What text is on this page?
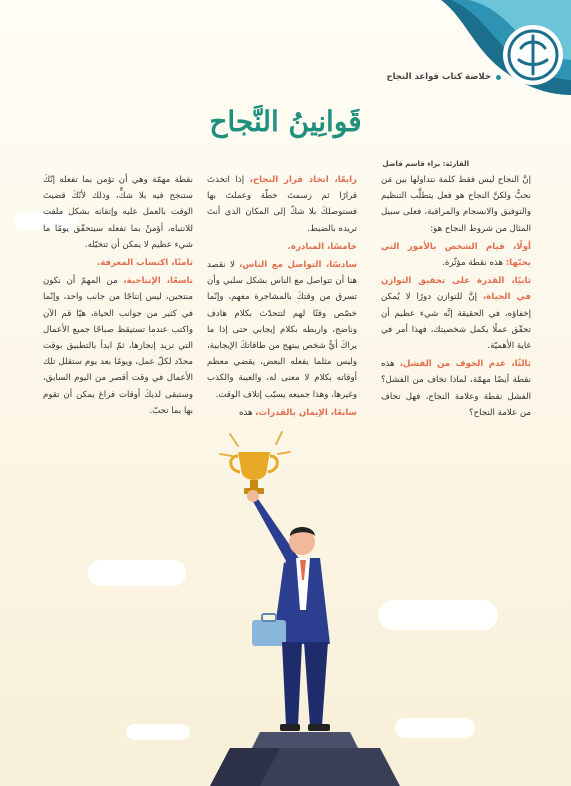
٤
خلاصة كتاب قواعد النجاح
قَوانِينُ النَّجاح
القارئة: براء قاسم فاضل

إنَّ النجاح ليس فقط كلمة نتداولها بين مَن نحبُّ ولكنَّ النجاح هو فعل يتطلَّب التنظيم والتوفيق والانسجام والمراقبة، فعلى سبيل المثال من شروط النجاح هو:

أولًا، قيام الشخص بالأمور التي يحبّها: هذه نقطة مؤثّرة.

ثانيًا، القدرة على تحقيق التوازن في الحياة، إنَّ للتوازن دورًا لا يُمكن إخفاؤه، في الحقيقة إنَّه شيء عظيم أن تحقّق عملًا يكمل شخصيتك، فهذا أمر في غاية الأهميّة.

ثالثًا، عدم الخوف من الفشل، هذه نقطة أيضًا مهمّة، لماذا تخاف من الفشل؟ الفشل نقطة وعلامة النجاح، فهل تخاف من علامة النجاح؟

رابعًا، اتخاذ قرار النجاح، إذا اتخذتَ قرارًا ثم رسمتَ خطّة وعملتَ بها فستوصلكَ بلا شكّ إلى المكان الذي أنتَ تريده بالضبط.

خامسًا، المبادرة.

سادسًا، التواصل مع الناس، لا نقصد هنا أن تتواصل مع الناس بشكل سلبي وأن تسرق من وقتكَ بالمشاجرة معهم، وإنّما خصّص وقتًا لهم لتتحدّث بكلام هادف وناضج، واربطه بكلام إيجابي حتى إذا ما يراكَ أيُّ شخص يبتهج من طاقاتكَ الإيجابية، وليس مثلما يفعله البعض، يقضي معظم أوقاته بكلام لا معنى له، والغيبة والكذب وغيرها، وهذا جميعه يسبّب إتلاف الوقت.

سابعًا، الإيمان بالقدرات، هذه

نقطة مهمّة وهي أن تؤمن بما تفعله إنّكَ ستنجح فيه بلا شكٍّ، وذلك لأنّكَ قضيتَ الوقت بالعمل عليه وإتقانه بشكل ملفت للانتباه، أؤمنْ بما تفعله سيتحقّق يومًا ما شيء عظيم لا يمكن أن تتخيّله.

ثامنًا، اكتساب المعرفة.

تاسعًا، الإنتاجية، من المهمّ أن نكون منتجين، ليس إنتاجًا من جانب واحد، وإنّما في كثير من جوانب الحياة، هيّا قم الآن واكتب عندما تستيقظ صباحًا جميع الأعمال التي تريد إنجازها، ثمّ ابدأ بالتطبيق بوقت محدّد لكلّ عمل، ويومًا بعد يوم ستقلل تلك الأعمال في وقت أقصر من اليوم السابق، وستبقى لديكَ أوقات فراغ يمكن أن تقوم بها بما تحبّ.
